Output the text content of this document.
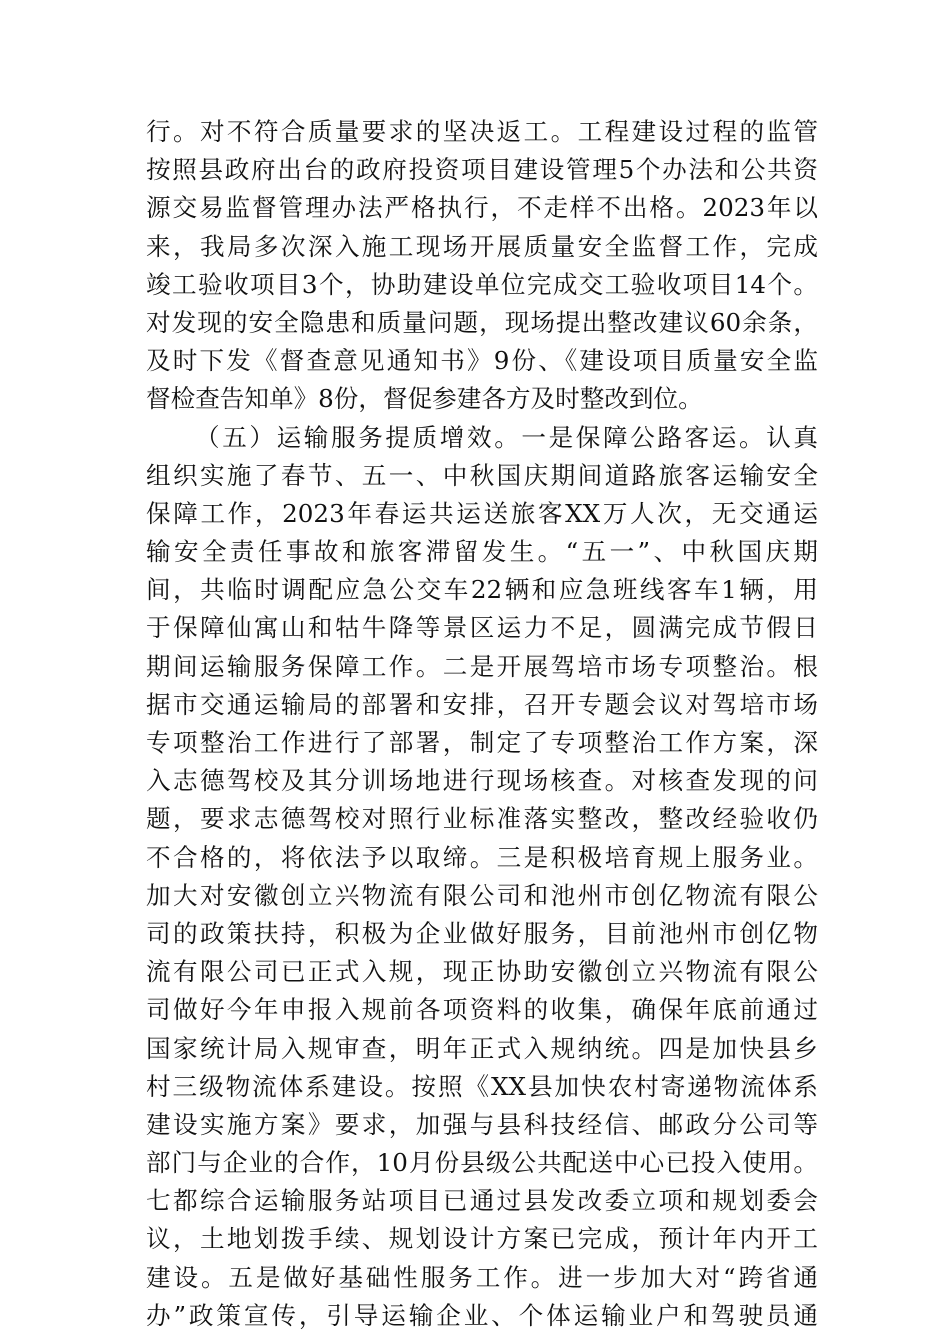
行。对不符合质量要求的坚决返工。工程建设过程的监管
按照县政府出台的政府投资项目建设管理5个办法和公共资
源交易监督管理办法严格执行，不走样不出格。2023年以
来，我局多次深入施工现场开展质量安全监督工作，完成
竣工验收项目3个，协助建设单位完成交工验收项目14个。
对发现的安全隐患和质量问题，现场提出整改建议60余条，
及时下发《督查意见通知书》9份、《建设项目质量安全监
督检查告知单》8份，督促参建各方及时整改到位。
（五）运输服务提质增效。一是保障公路客运。认真
组织实施了春节、五一、中秋国庆期间道路旅客运输安全
保障工作，2023年春运共运送旅客XX万人次，无交通运
输安全责任事故和旅客滞留发生。“五一”、中秋国庆期
间，共临时调配应急公交车22辆和应急班线客车1辆，用
于保障仙寓山和牯牛降等景区运力不足，圆满完成节假日
期间运输服务保障工作。二是开展驾培市场专项整治。根
据市交通运输局的部署和安排，召开专题会议对驾培市场
专项整治工作进行了部署，制定了专项整治工作方案，深
入志德驾校及其分训场地进行现场核查。对核查发现的问
题，要求志德驾校对照行业标准落实整改，整改经验收仍
不合格的，将依法予以取缔。三是积极培育规上服务业。
加大对安徽创立兴物流有限公司和池州市创亿物流有限公
司的政策扶持，积极为企业做好服务，目前池州市创亿物
流有限公司已正式入规，现正协助安徽创立兴物流有限公
司做好今年申报入规前各项资料的收集，确保年底前通过
国家统计局入规审查，明年正式入规纳统。四是加快县乡
村三级物流体系建设。按照《XX县加快农村寄递物流体系
建设实施方案》要求，加强与县科技经信、邮政分公司等
部门与企业的合作，10月份县级公共配送中心已投入使用。
七都综合运输服务站项目已通过县发改委立项和规划委会
议，土地划拨手续、规划设计方案已完成，预计年内开工
建设。五是做好基础性服务工作。进一步加大对“跨省通
办”政策宣传，引导运输企业、个体运输业户和驾驶员通
